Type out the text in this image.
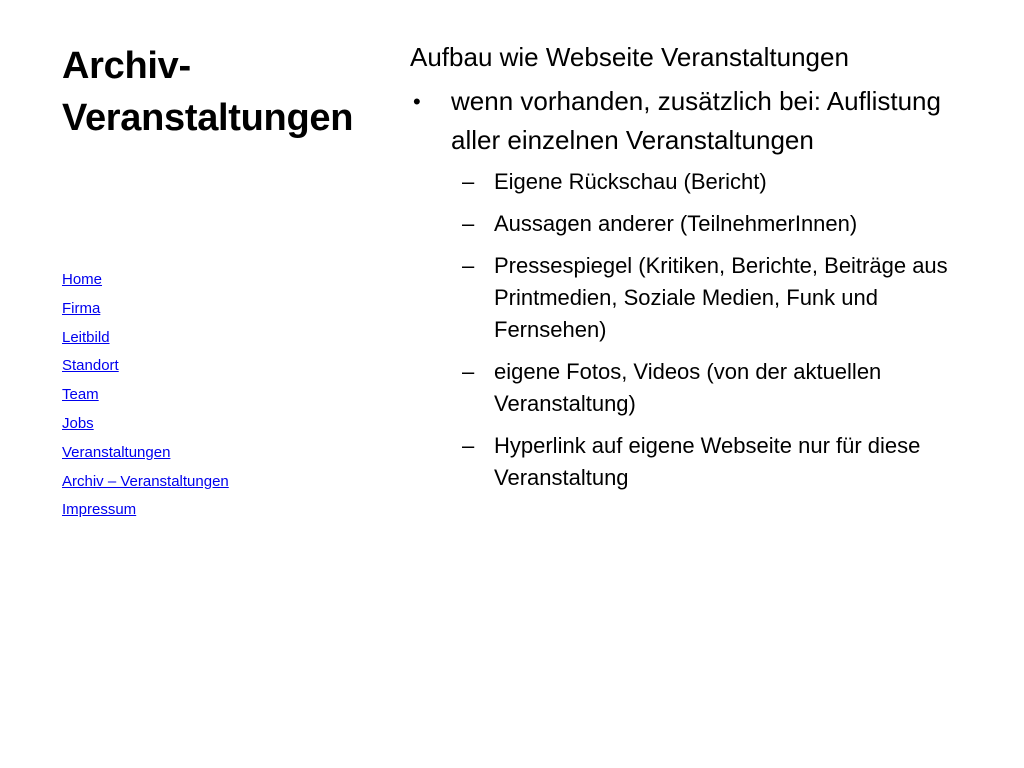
Archiv-
Veranstaltungen
Home
Firma
Leitbild
Standort
Team
Jobs
Veranstaltungen
Archiv – Veranstaltungen
Impressum

Aufbau wie Webseite Veranstaltungen

• wenn vorhanden, zusätzlich bei: Auflistung aller einzelnen Veranstaltungen
– Eigene Rückschau (Bericht)
– Aussagen anderer (TeilnehmerInnen)
– Pressespiegel (Kritiken, Berichte, Beiträge aus Printmedien, Soziale Medien, Funk und Fernsehen)
– eigene Fotos, Videos (von der aktuellen Veranstaltung)
– Hyperlink auf eigene Webseite nur für diese Veranstaltung
